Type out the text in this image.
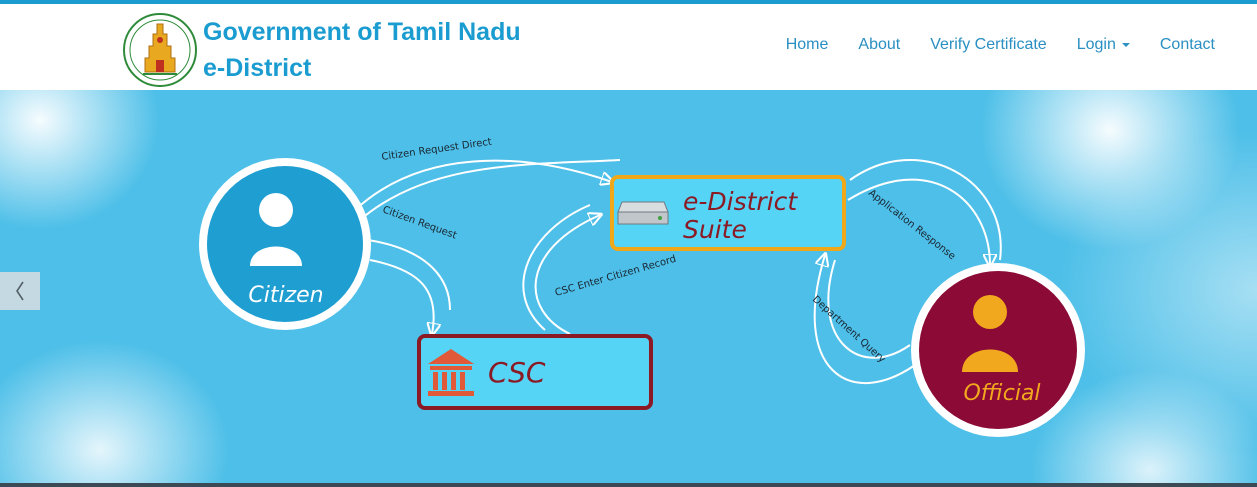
Government of Tamil Nadu
e-District
Home About Verify Certificate Login	Contact
Citizen Request Direct
Citizen Request
CSC Enter Citizen Record
Application Response
Department Query
Citizen
Official
CSC
e-District
Suite
